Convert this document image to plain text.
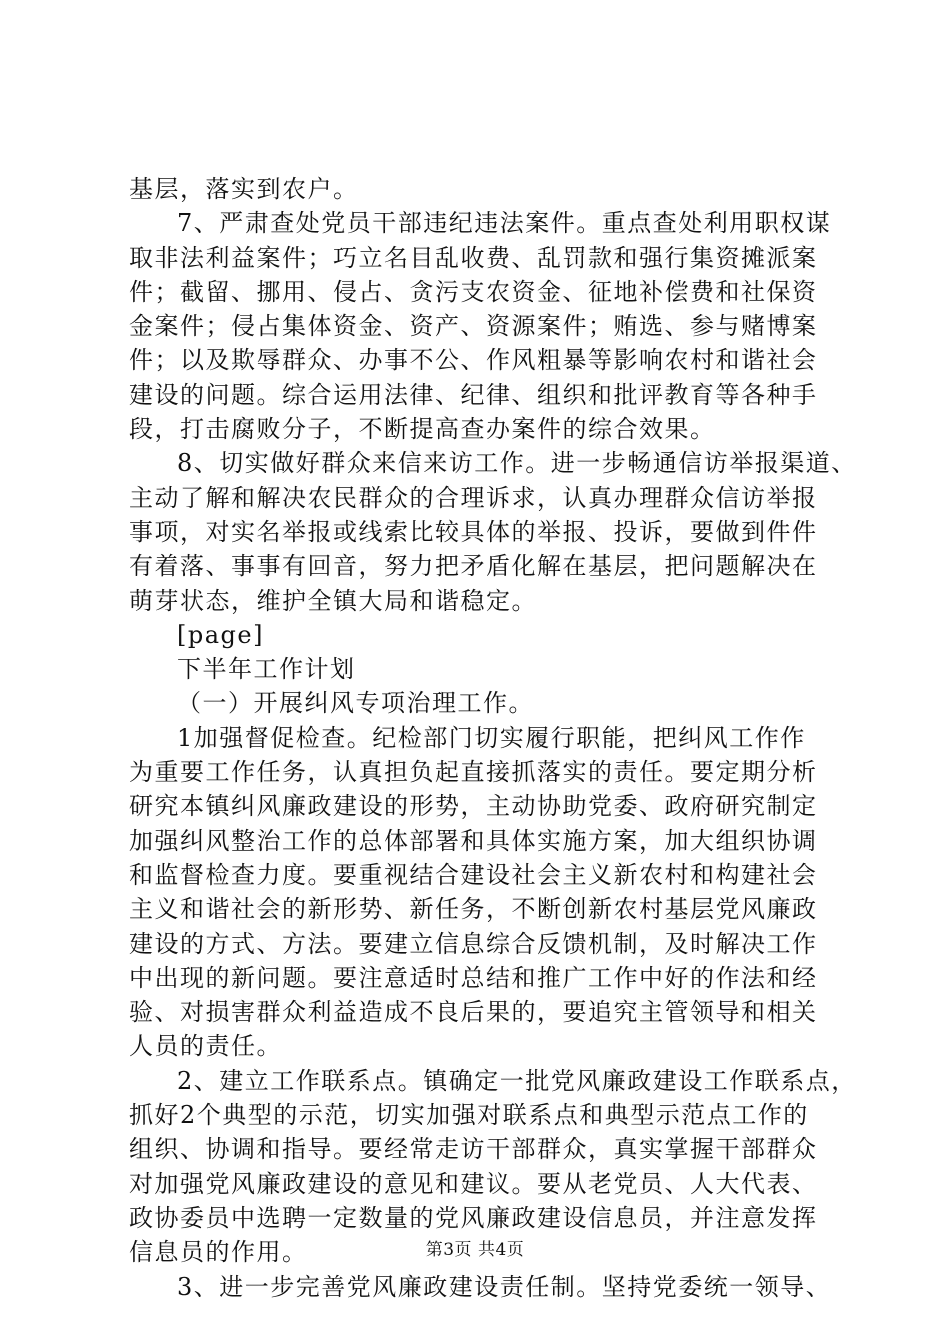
基层，落实到农户。
7、严肃查处党员干部违纪违法案件。重点查处利用职权谋
取非法利益案件；巧立名目乱收费、乱罚款和强行集资摊派案
件；截留、挪用、侵占、贪污支农资金、征地补偿费和社保资
金案件；侵占集体资金、资产、资源案件；贿选、参与赌博案
件；以及欺辱群众、办事不公、作风粗暴等影响农村和谐社会
建设的问题。综合运用法律、纪律、组织和批评教育等各种手
段，打击腐败分子，不断提高查办案件的综合效果。
8、切实做好群众来信来访工作。进一步畅通信访举报渠道、
主动了解和解决农民群众的合理诉求，认真办理群众信访举报
事项，对实名举报或线索比较具体的举报、投诉，要做到件件
有着落、事事有回音，努力把矛盾化解在基层，把问题解决在
萌芽状态，维护全镇大局和谐稳定。
[page]
下半年工作计划
（一）开展纠风专项治理工作。
1加强督促检查。纪检部门切实履行职能，把纠风工作作
为重要工作任务，认真担负起直接抓落实的责任。要定期分析
研究本镇纠风廉政建设的形势，主动协助党委、政府研究制定
加强纠风整治工作的总体部署和具体实施方案，加大组织协调
和监督检查力度。要重视结合建设社会主义新农村和构建社会
主义和谐社会的新形势、新任务，不断创新农村基层党风廉政
建设的方式、方法。要建立信息综合反馈机制，及时解决工作
中出现的新问题。要注意适时总结和推广工作中好的作法和经
验、对损害群众利益造成不良后果的，要追究主管领导和相关
人员的责任。
2、建立工作联系点。镇确定一批党风廉政建设工作联系点，
抓好2个典型的示范，切实加强对联系点和典型示范点工作的
组织、协调和指导。要经常走访干部群众，真实掌握干部群众
对加强党风廉政建设的意见和建议。要从老党员、人大代表、
政协委员中选聘一定数量的党风廉政建设信息员，并注意发挥
信息员的作用。
3、进一步完善党风廉政建设责任制。坚持党委统一领导、
第3页 共4页
